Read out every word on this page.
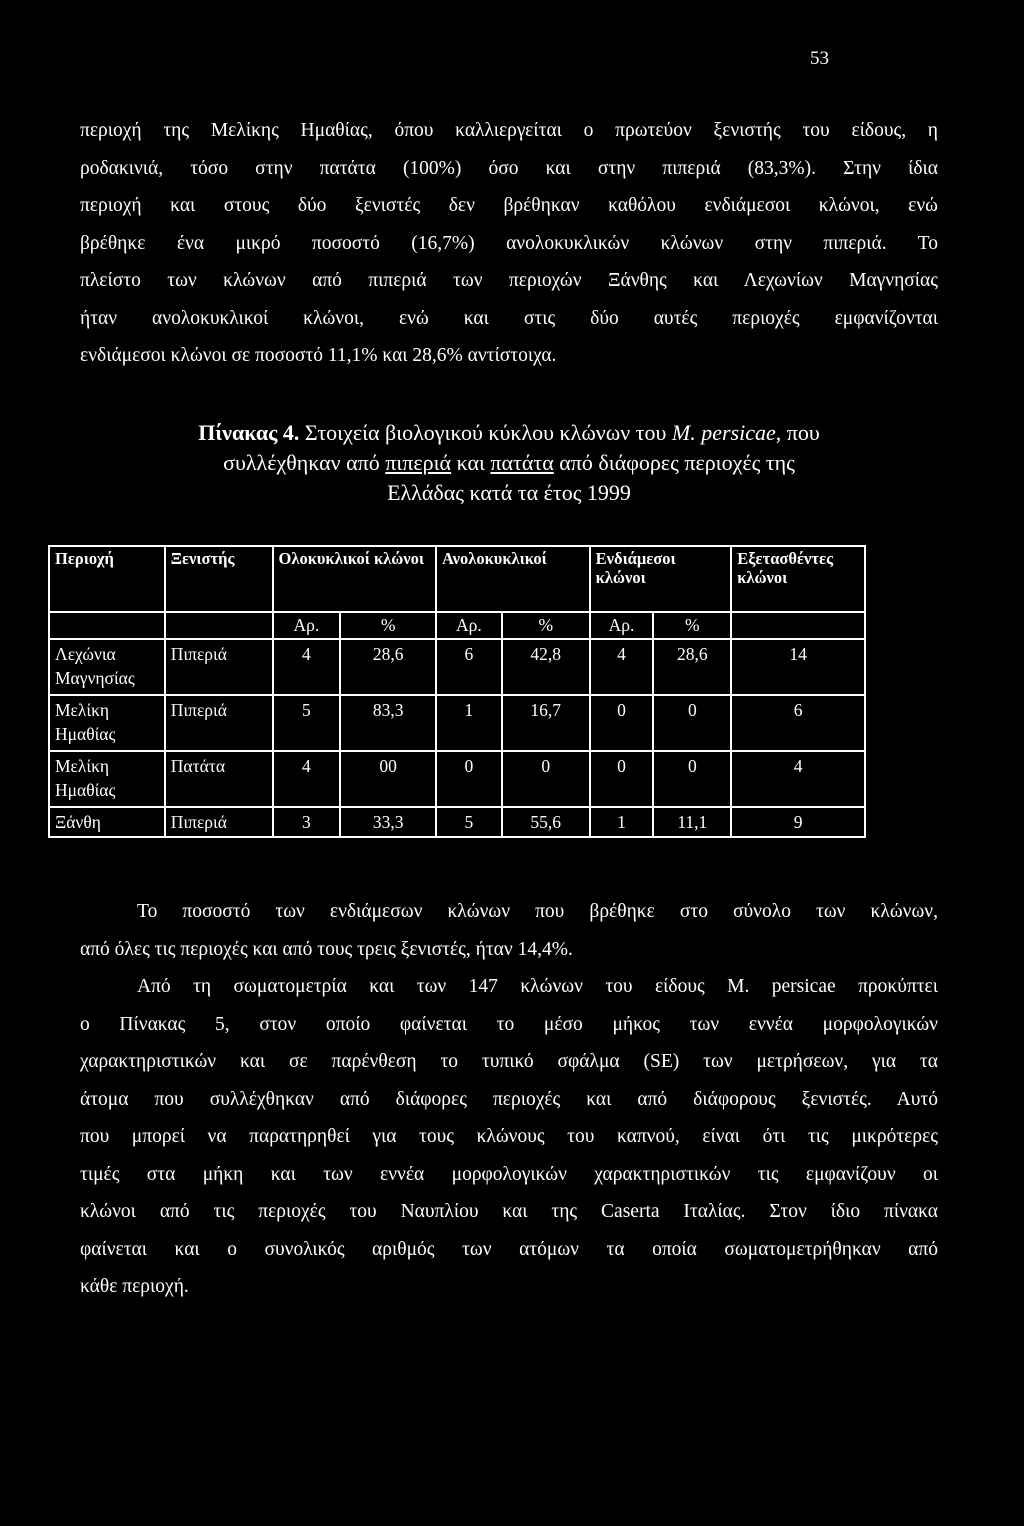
53
περιοχή της Μελίκης Ημαθίας, όπου καλλιεργείται ο πρωτεύον ξενιστής του είδους, η
ροδακινιά, τόσο στην πατάτα (100%) όσο και στην πιπεριά (83,3%). Στην ίδια
περιοχή και στους δύο ξενιστές δεν βρέθηκαν καθόλου ενδιάμεσοι κλώνοι, ενώ
βρέθηκε ένα μικρό ποσοστό (16,7%) ανολοκυκλικών κλώνων στην πιπεριά. Το
πλείστο των κλώνων από πιπεριά των περιοχών Ξάνθης και Λεχωνίων Μαγνησίας
ήταν ανολοκυκλικοί κλώνοι, ενώ και στις δύο αυτές περιοχές εμφανίζονται
ενδιάμεσοι κλώνοι σε ποσοστό 11,1% και 28,6% αντίστοιχα.
Πίνακας 4. Στοιχεία βιολογικού κύκλου κλώνων του M. persicae, που
συλλέχθηκαν από πιπεριά και πατάτα από διάφορες περιοχές της
Ελλάδας κατά τα έτος 1999
Περιοχή	Ξενιστής	Ολοκυκλικοί κλώνοι		Ανολοκυκλικοί		Ενδιάμεσοι κλώνοι		Εξετασθέντες κλώνοι
		Αρ.	%	Αρ.	%	Αρ.	%	
Λεχώνια Μαγνησίας	Πιπεριά	4	28,6	6	42,8	4	28,6	14
Μελίκη Ημαθίας	Πιπεριά	5	83,3	1	16,7	0	0	6
Μελίκη Ημαθίας	Πατάτα	4	00	0	0	0	0	4
Ξάνθη	Πιπεριά	3	33,3	5	55,6	1	11,1	9
Το ποσοστό των ενδιάμεσων κλώνων που βρέθηκε στο σύνολο των κλώνων,
από όλες τις περιοχές και από τους τρεις ξενιστές, ήταν 14,4%.
Από τη σωματομετρία και των 147 κλώνων του είδους M. persicae προκύπτει
ο Πίνακας 5, στον οποίο φαίνεται το μέσο μήκος των εννέα μορφολογικών
χαρακτηριστικών και σε παρένθεση το τυπικό σφάλμα (SE) των μετρήσεων, για τα
άτομα που συλλέχθηκαν από διάφορες περιοχές και από διάφορους ξενιστές. Αυτό
που μπορεί να παρατηρηθεί για τους κλώνους του καπνού, είναι ότι τις μικρότερες
τιμές στα μήκη και των εννέα μορφολογικών χαρακτηριστικών τις εμφανίζουν οι
κλώνοι από τις περιοχές του Ναυπλίου και της Caserta Ιταλίας. Στον ίδιο πίνακα
φαίνεται και ο συνολικός αριθμός των ατόμων τα οποία σωματομετρήθηκαν από
κάθε περιοχή.
